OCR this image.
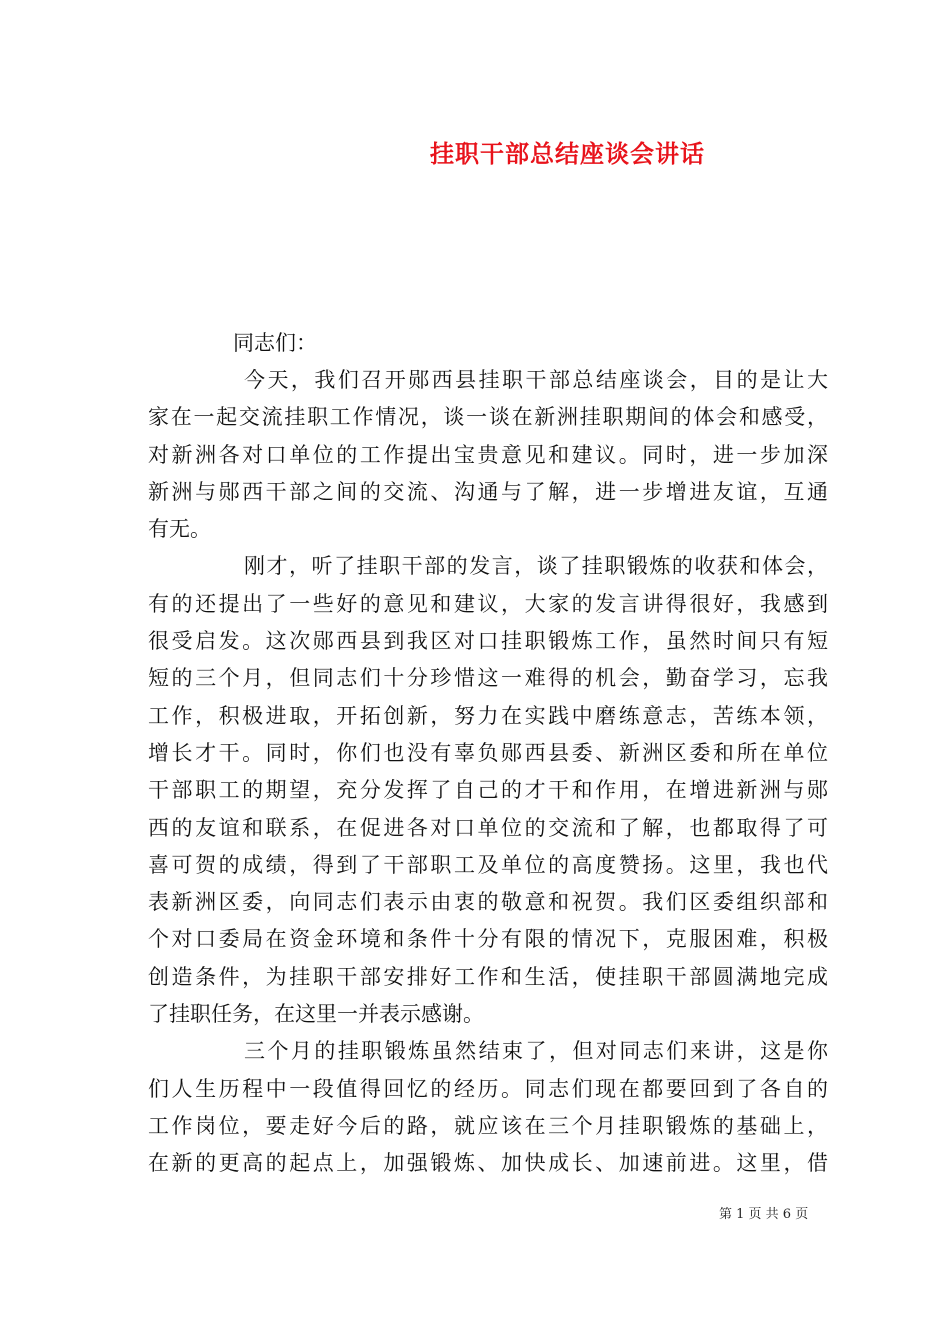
挂职干部总结座谈会讲话
同志们：
今天，我们召开郧西县挂职干部总结座谈会，目的是让大
家在一起交流挂职工作情况，谈一谈在新洲挂职期间的体会和感受，
对新洲各对口单位的工作提出宝贵意见和建议。同时，进一步加深
新洲与郧西干部之间的交流、沟通与了解，进一步增进友谊，互通
有无。
刚才，听了挂职干部的发言，谈了挂职锻炼的收获和体会，
有的还提出了一些好的意见和建议，大家的发言讲得很好，我感到
很受启发。这次郧西县到我区对口挂职锻炼工作，虽然时间只有短
短的三个月，但同志们十分珍惜这一难得的机会，勤奋学习，忘我
工作，积极进取，开拓创新，努力在实践中磨练意志，苦练本领，
增长才干。同时，你们也没有辜负郧西县委、新洲区委和所在单位
干部职工的期望，充分发挥了自己的才干和作用，在增进新洲与郧
西的友谊和联系，在促进各对口单位的交流和了解，也都取得了可
喜可贺的成绩，得到了干部职工及单位的高度赞扬。这里，我也代
表新洲区委，向同志们表示由衷的敬意和祝贺。我们区委组织部和
个对口委局在资金环境和条件十分有限的情况下，克服困难，积极
创造条件，为挂职干部安排好工作和生活，使挂职干部圆满地完成
了挂职任务，在这里一并表示感谢。
三个月的挂职锻炼虽然结束了，但对同志们来讲，这是你
们人生历程中一段值得回忆的经历。同志们现在都要回到了各自的
工作岗位，要走好今后的路，就应该在三个月挂职锻炼的基础上，
在新的更高的起点上，加强锻炼、加快成长、加速前进。这里，借
第 1 页 共 6 页
